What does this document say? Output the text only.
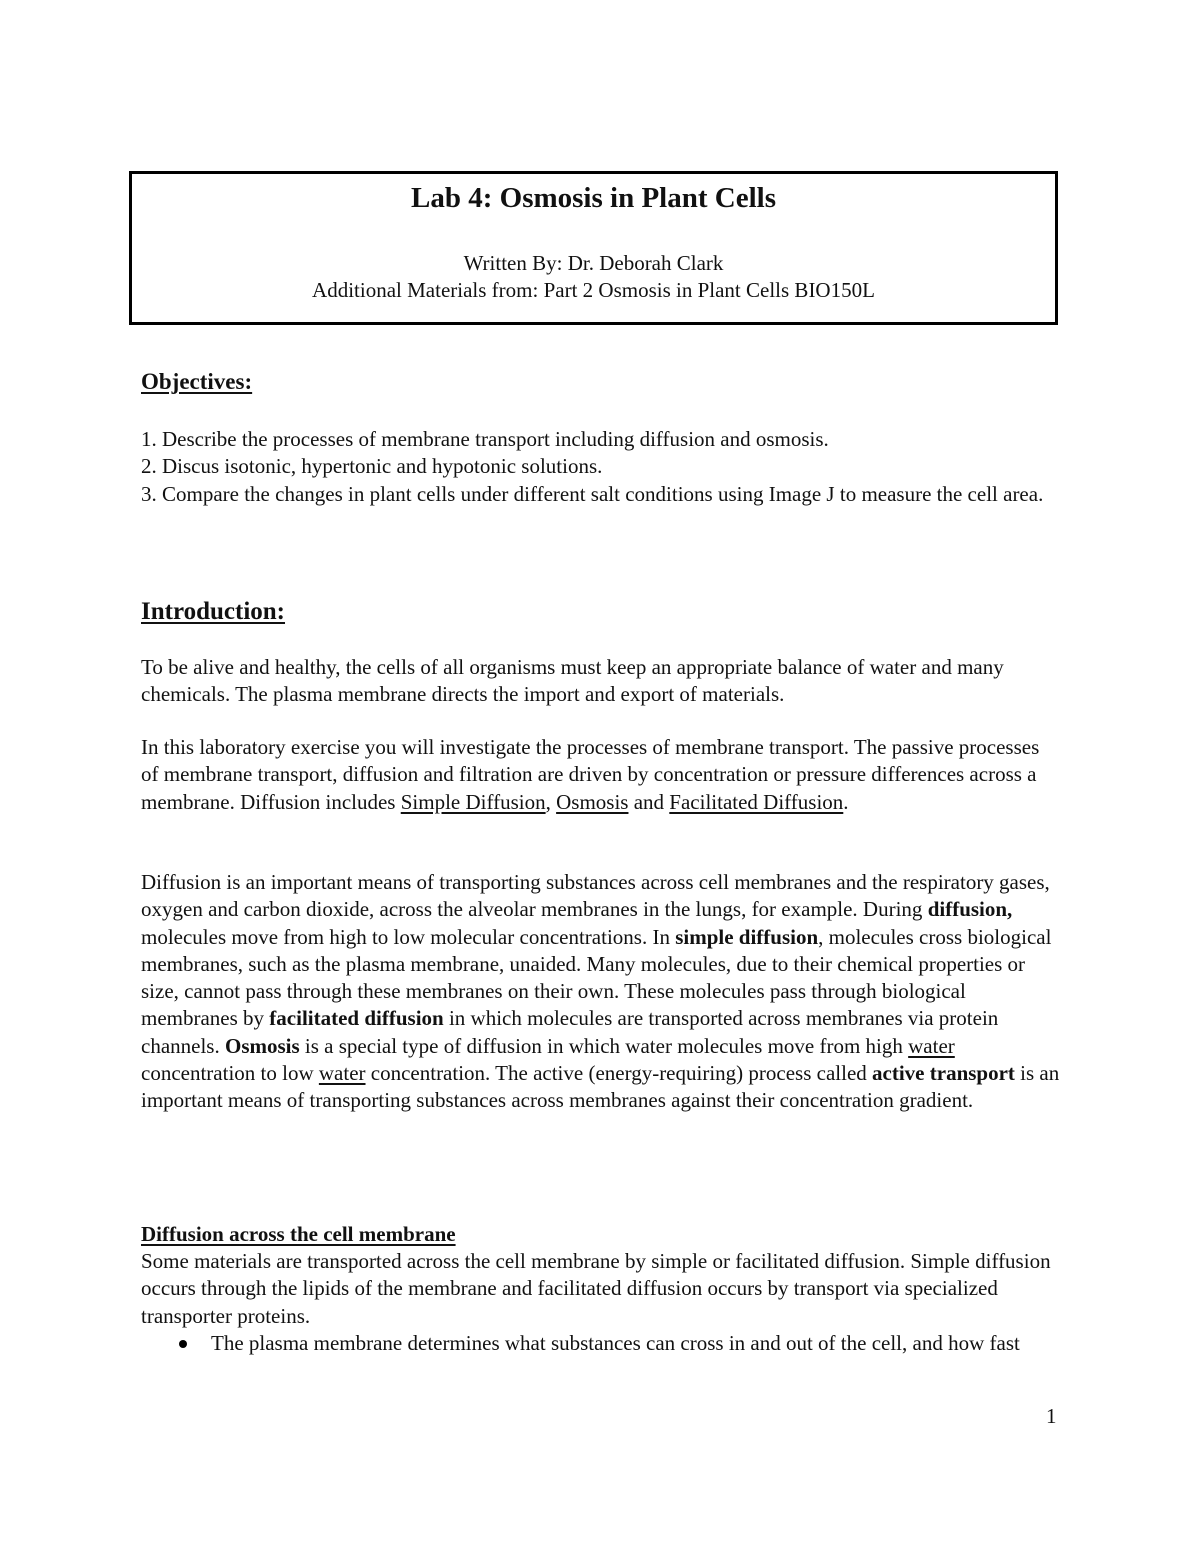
Lab 4: Osmosis in Plant Cells
Written By: Dr. Deborah Clark
Additional Materials from: Part 2 Osmosis in Plant Cells BIO150L
Objectives:
1. Describe the processes of membrane transport including diffusion and osmosis.
2. Discus isotonic, hypertonic and hypotonic solutions.
3. Compare the changes in plant cells under different salt conditions using Image J to measure the cell area.
Introduction:

To be alive and healthy, the cells of all organisms must keep an appropriate balance of water and many chemicals. The plasma membrane directs the import and export of materials.

In this laboratory exercise you will investigate the processes of membrane transport. The passive processes of membrane transport, diffusion and filtration are driven by concentration or pressure differences across a membrane. Diffusion includes Simple Diffusion, Osmosis and Facilitated Diffusion.

Diffusion is an important means of transporting substances across cell membranes and the respiratory gases, oxygen and carbon dioxide, across the alveolar membranes in the lungs, for example. During diffusion, molecules move from high to low molecular concentrations. In simple diffusion, molecules cross biological membranes, such as the plasma membrane, unaided. Many molecules, due to their chemical properties or size, cannot pass through these membranes on their own. These molecules pass through biological membranes by facilitated diffusion in which molecules are transported across membranes via protein channels. Osmosis is a special type of diffusion in which water molecules move from high water concentration to low water concentration. The active (energy-requiring) process called active transport is an important means of transporting substances across membranes against their concentration gradient.

Diffusion across the cell membrane

Some materials are transported across the cell membrane by simple or facilitated diffusion. Simple diffusion occurs through the lipids of the membrane and facilitated diffusion occurs by transport via specialized transporter proteins.

The plasma membrane determines what substances can cross in and out of the cell, and how fast
1
